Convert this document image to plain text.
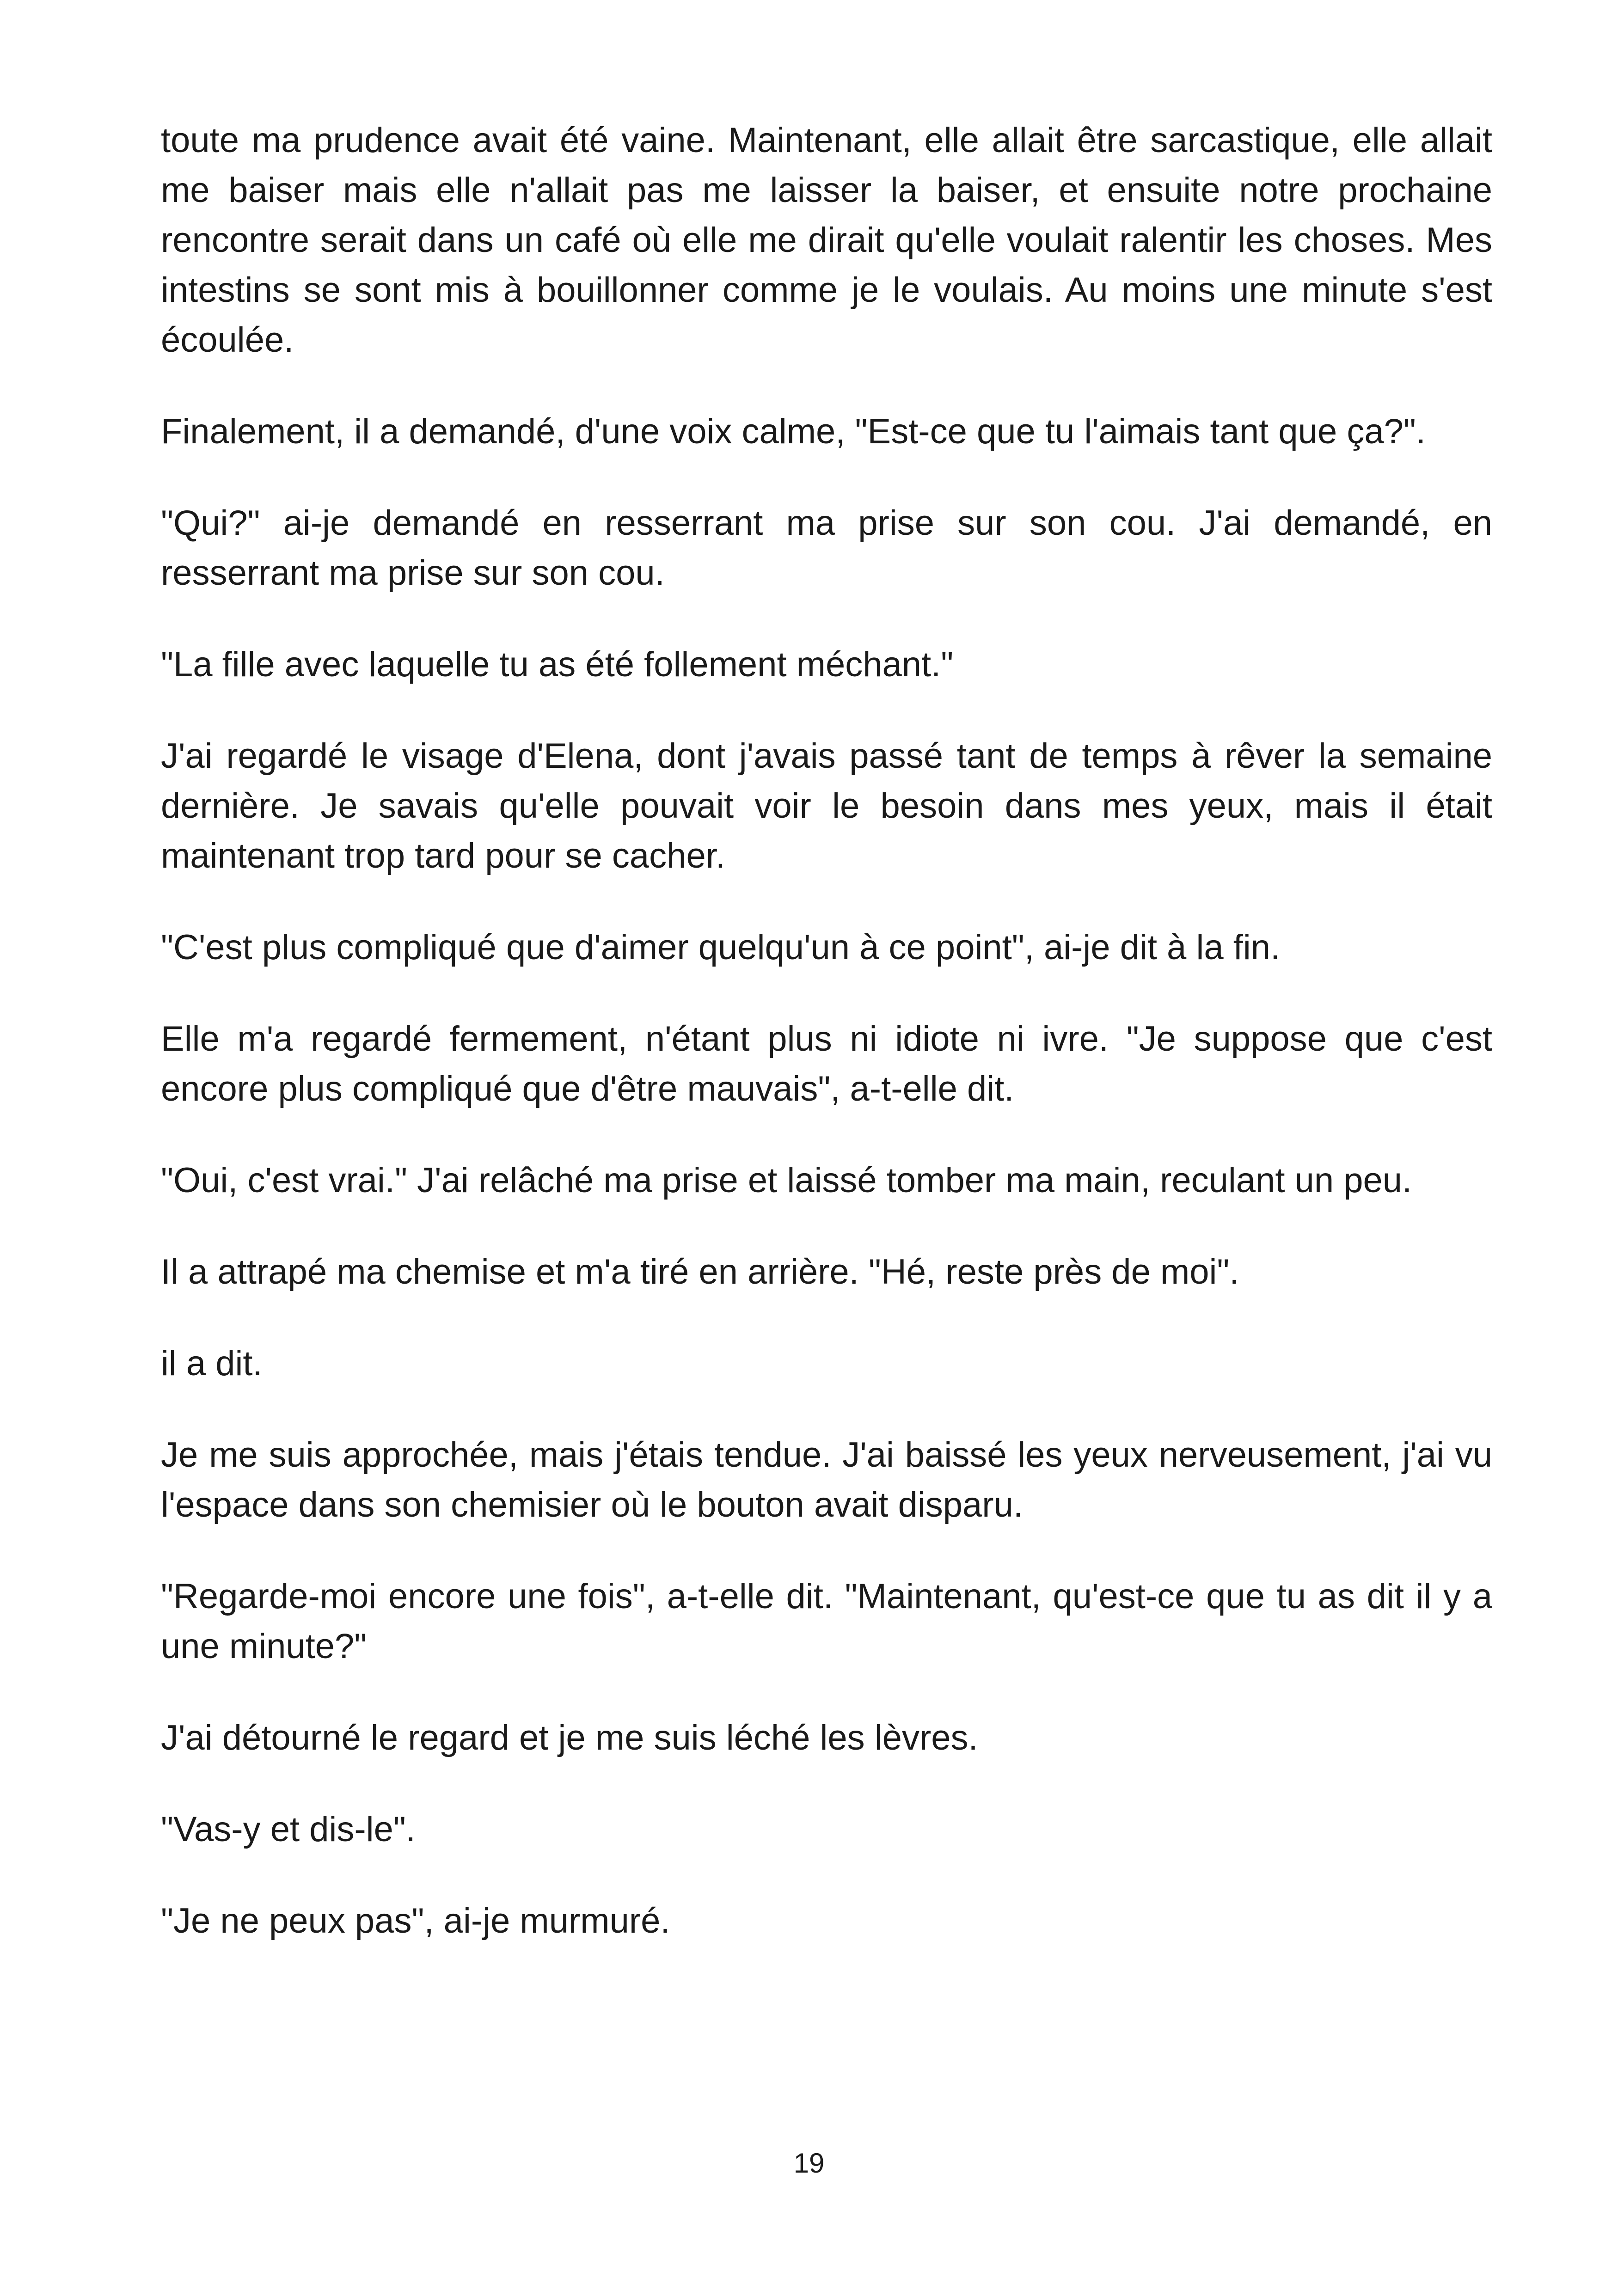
toute ma prudence avait été vaine. Maintenant, elle allait être sarcastique, elle allait me baiser mais elle n'allait pas me laisser la baiser, et ensuite notre prochaine rencontre serait dans un café où elle me dirait qu'elle voulait ralentir les choses. Mes intestins se sont mis à bouillonner comme je le voulais. Au moins une minute s'est écoulée.

Finalement, il a demandé, d'une voix calme, "Est-ce que tu l'aimais tant que ça?".

"Qui?" ai-je demandé en resserrant ma prise sur son cou. J'ai demandé, en resserrant ma prise sur son cou.

"La fille avec laquelle tu as été follement méchant."

J'ai regardé le visage d'Elena, dont j'avais passé tant de temps à rêver la semaine dernière. Je savais qu'elle pouvait voir le besoin dans mes yeux, mais il était maintenant trop tard pour se cacher.

"C'est plus compliqué que d'aimer quelqu'un à ce point", ai-je dit à la fin.

Elle m'a regardé fermement, n'étant plus ni idiote ni ivre. "Je suppose que c'est encore plus compliqué que d'être mauvais", a-t-elle dit.

"Oui, c'est vrai." J'ai relâché ma prise et laissé tomber ma main, reculant un peu.

Il a attrapé ma chemise et m'a tiré en arrière. "Hé, reste près de moi".

il a dit.

Je me suis approchée, mais j'étais tendue. J'ai baissé les yeux nerveusement, j'ai vu l'espace dans son chemisier où le bouton avait disparu.

"Regarde-moi encore une fois", a-t-elle dit. "Maintenant, qu'est-ce que tu as dit il y a une minute?"

J'ai détourné le regard et je me suis léché les lèvres.

"Vas-y et dis-le".

"Je ne peux pas", ai-je murmuré.

19
